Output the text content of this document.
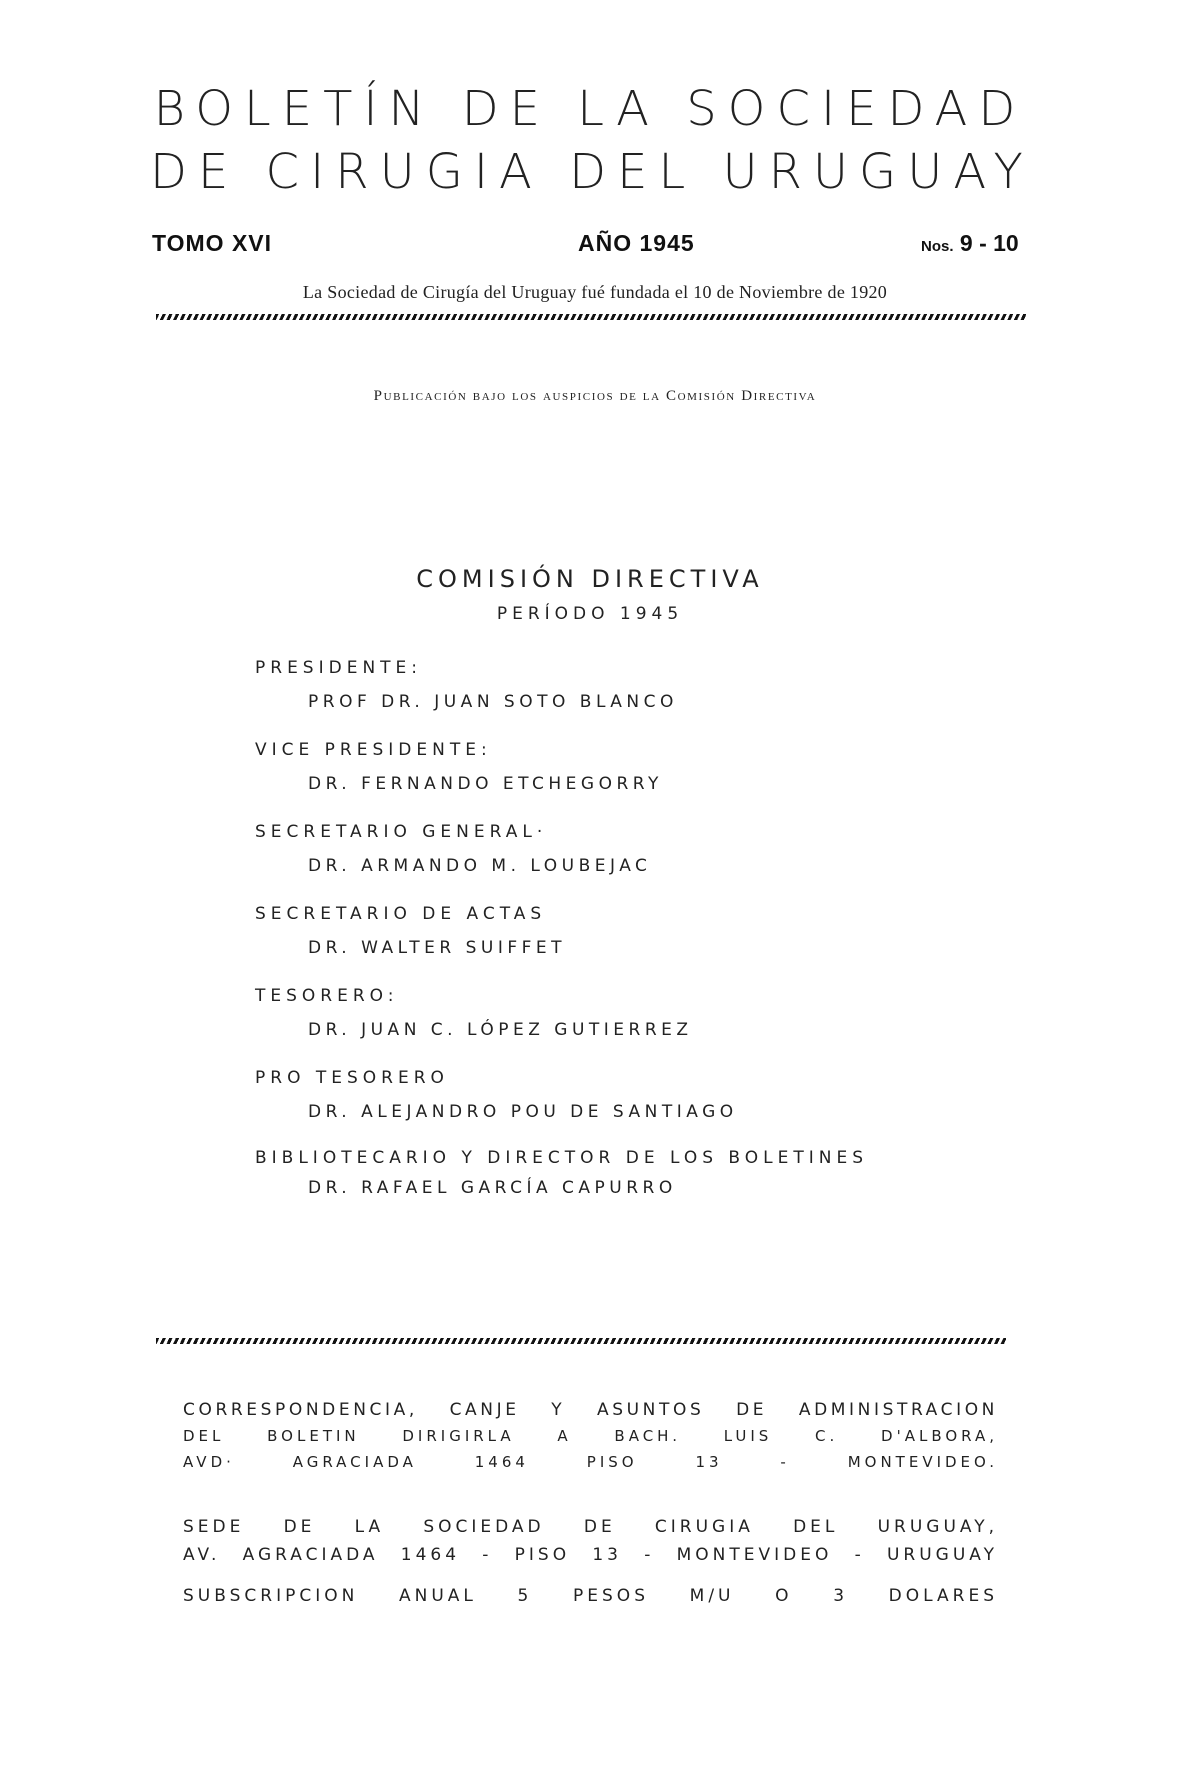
BOLETÍN DE LA SOCIEDAD
DE CIRUGIA DEL URUGUAY
TOMO XVI	AÑO 1945	Nos. 9 - 10
La Sociedad de Cirugía del Uruguay fué fundada el 10 de Noviembre de 1920
Publicación bajo los auspicios de la Comisión Directiva
COMISIÓN DIRECTIVA
PERÍODO 1945
PRESIDENTE:
PROF DR. JUAN SOTO BLANCO
VICE PRESIDENTE:
DR. FERNANDO ETCHEGORRY
SECRETARIO GENERAL·
DR. ARMANDO M. LOUBEJAC
SECRETARIO DE ACTAS
DR. WALTER SUIFFET
TESORERO:
DR. JUAN C. LÓPEZ GUTIERREZ
PRO TESORERO
DR. ALEJANDRO POU DE SANTIAGO
BIBLIOTECARIO Y DIRECTOR DE LOS BOLETINES
DR. RAFAEL GARCÍA CAPURRO
CORRESPONDENCIA, CANJE Y ASUNTOS DE ADMINISTRACION
DEL BOLETIN DIRIGIRLA A BACH. LUIS C. D'ALBORA,
AVD· AGRACIADA 1464 PISO 13 - MONTEVIDEO.
SEDE DE LA SOCIEDAD DE CIRUGIA DEL URUGUAY,
AV. AGRACIADA 1464 - PISO 13 - MONTEVIDEO - URUGUAY
SUBSCRIPCION ANUAL 5 PESOS M/U O 3 DOLARES
